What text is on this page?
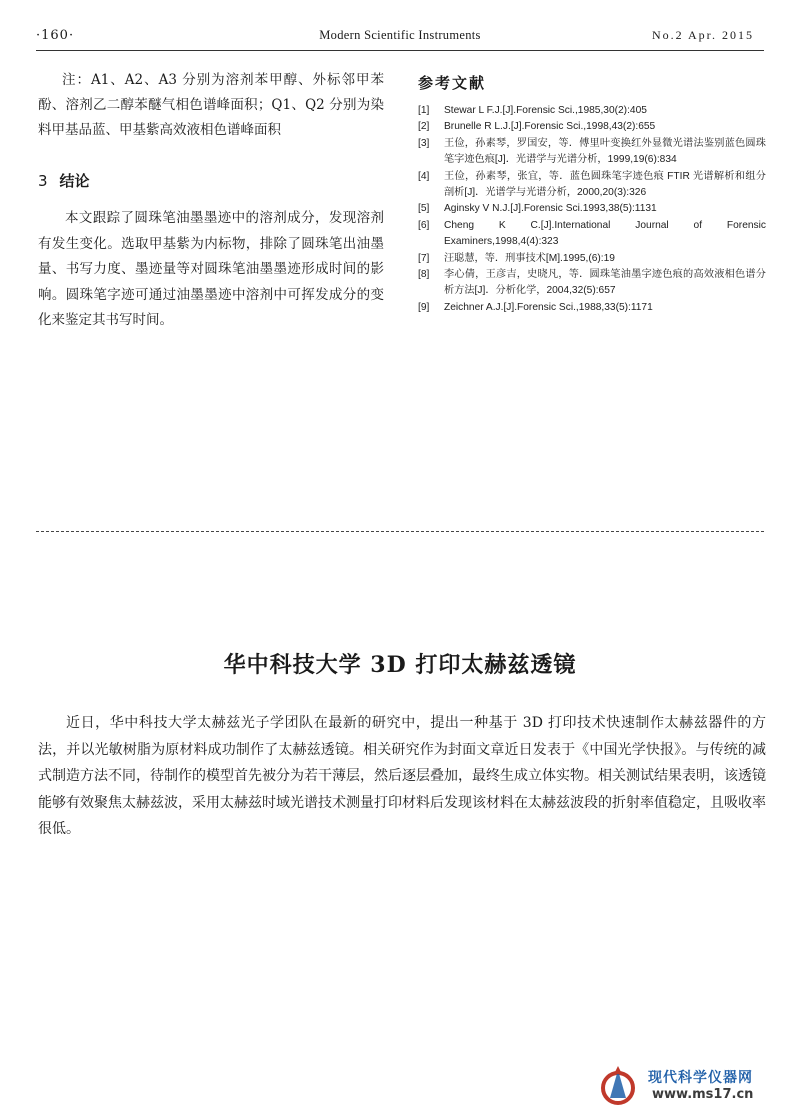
·160·	Modern Scientific Instruments	No.2 Apr. 2015
注：A1、A2、A3 分别为溶剂苯甲醇、外标邻甲苯酚、溶剂乙二醇苯醚气相色谱峰面积；Q1、Q2 分别为染料甲基品蓝、甲基紫高效液相色谱峰面积
3 结论
本文跟踪了圆珠笔油墨墨迹中的溶剂成分，发现溶剂有发生变化。选取甲基紫为内标物，排除了圆珠笔出油墨量、书写力度、墨迹量等对圆珠笔油墨墨迹形成时间的影响。圆珠笔字迹可通过油墨墨迹中溶剂中可挥发成分的变化来鉴定其书写时间。
参考文献
[1]	Stewar L F.J.[J].Forensic Sci.,1985,30(2):405
[2]	Brunelle R L.J.[J].Forensic Sci.,1998,43(2):655
[3]	王俭，孙素琴，罗国安，等．傅里叶变换红外显微光谱法鉴别蓝色圆珠笔字迹色痕[J]．光谱学与光谱分析，1999,19(6):834
[4]	王俭，孙素琴，张宜，等．蓝色圆珠笔字迹色痕 FTIR 光谱解析和组分剖析[J]．光谱学与光谱分析，2000,20(3):326
[5]	Aginsky V N.J.[J].Forensic Sci.1993,38(5):1131
[6]	Cheng K C.[J].International Journal of Forensic Examiners,1998,4(4):323
[7]	汪聪慧，等．刑事技术[M].1995,(6):19
[8]	李心倩，王彦吉，史晓凡，等．圆珠笔油墨字迹色痕的高效液相色谱分析方法[J]．分析化学，2004,32(5):657
[9]	Zeichner A.J.[J].Forensic Sci.,1988,33(5):1171
华中科技大学 3D 打印太赫兹透镜
近日，华中科技大学太赫兹光子学团队在最新的研究中，提出一种基于 3D 打印技术快速制作太赫兹器件的方法，并以光敏树脂为原材料成功制作了太赫兹透镜。相关研究作为封面文章近日发表于《中国光学快报》。与传统的减式制造方法不同，待制作的模型首先被分为若干薄层，然后逐层叠加，最终生成立体实物。相关测试结果表明，该透镜能够有效聚焦太赫兹波，采用太赫兹时域光谱技术测量打印材料后发现该材料在太赫兹波段的折射率值稳定，且吸收率很低。
现代科学仪器网
www.ms17.cn
